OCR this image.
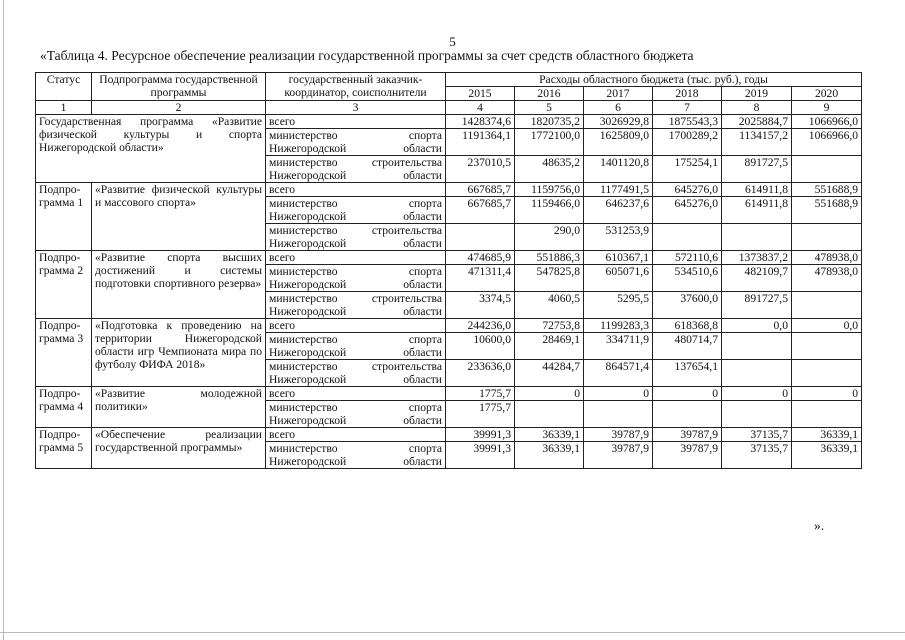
5
«Таблица 4. Ресурсное обеспечение реализации государственной программы за счет средств областного бюджета
Статус	Подпрограмма государственной программы	государственный заказчик-координатор, соисполнители	Расходы областного бюджета (тыс. руб.), годы					
			2015	2016	2017	2018	2019	2020
1	2	3	4	5	6	7	8	9
Государственная программа «Развитие физической культуры и спорта Нижегородской области»		всего	1428374,6	1820735,2	3026929,8	1875543,3	2025884,7	1066966,0
		министерство спорта Нижегородской области	1191364,1	1772100,0	1625809,0	1700289,2	1134157,2	1066966,0
		министерство строительства Нижегородской области	237010,5	48635,2	1401120,8	175254,1	891727,5	
Подпро-грамма 1	«Развитие физической культуры и массового спорта»	всего	667685,7	1159756,0	1177491,5	645276,0	614911,8	551688,9
		министерство спорта Нижегородской области	667685,7	1159466,0	646237,6	645276,0	614911,8	551688,9
		министерство строительства Нижегородской области		290,0	531253,9			
Подпро-грамма 2	«Развитие спорта высших достижений и системы подготовки спортивного резерва»	всего	474685,9	551886,3	610367,1	572110,6	1373837,2	478938,0
		министерство спорта Нижегородской области	471311,4	547825,8	605071,6	534510,6	482109,7	478938,0
		министерство строительства Нижегородской области	3374,5	4060,5	5295,5	37600,0	891727,5	
Подпро-грамма 3	«Подготовка к проведению на территории Нижегородской области игр Чемпионата мира по футболу ФИФА 2018»	всего	244236,0	72753,8	1199283,3	618368,8	0,0	0,0
		министерство спорта Нижегородской области	10600,0	28469,1	334711,9	480714,7		
		министерство строительства Нижегородской области	233636,0	44284,7	864571,4	137654,1		
Подпро-грамма 4	«Развитие молодежной политики»	всего	1775,7	0	0	0	0	0
		министерство спорта Нижегородской области	1775,7					
Подпро-грамма 5	«Обеспечение реализации государственной программы»	всего	39991,3	36339,1	39787,9	39787,9	37135,7	36339,1
		министерство спорта Нижегородской области	39991,3	36339,1	39787,9	39787,9	37135,7	36339,1
».
